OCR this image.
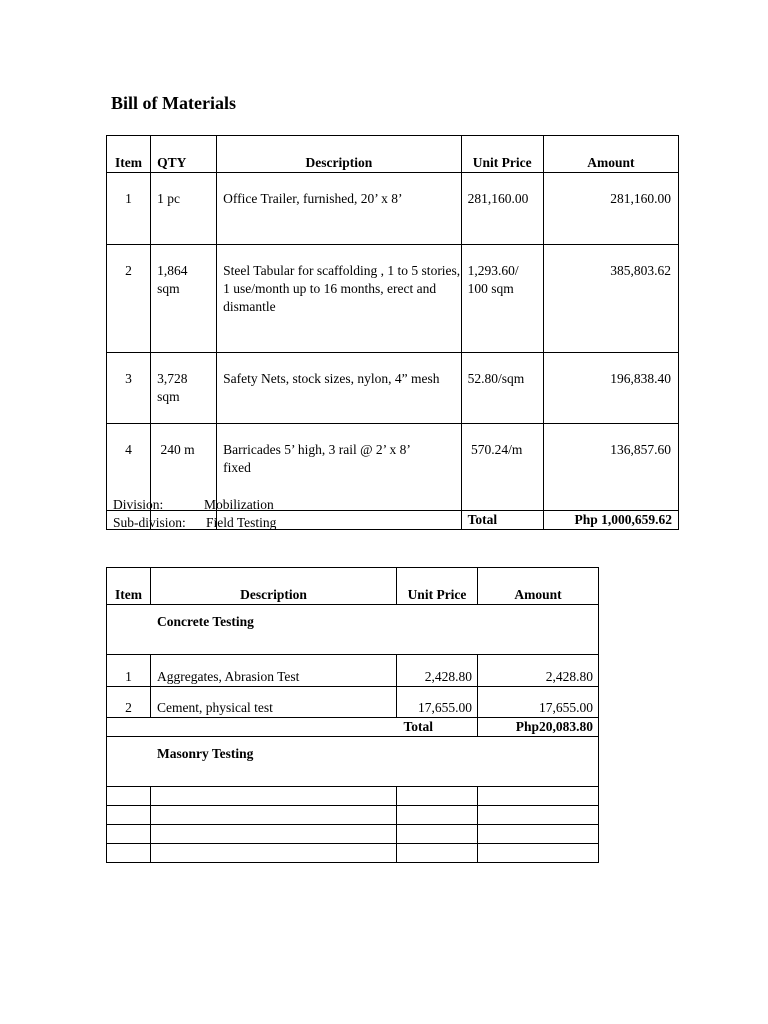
Bill of Materials
Item	QTY	Description	Unit Price	Amount
1	1 pc	Office Trailer, furnished, 20’ x 8’	281,160.00	281,160.00
2	1,864 sqm	Steel Tabular for scaffolding , 1 to 5 stories, 1 use/month up to 16 months, erect and dismantle	1,293.60/ 100 sqm	385,803.62
3	3,728 sqm	Safety Nets, stock sizes, nylon, 4” mesh	52.80/sqm	196,838.40
4	240 m	Barricades 5’ high, 3 rail @ 2’ x 8’ fixed	570.24/m	136,857.60
			Total	Php 1,000,659.62
Division:	Mobilization
Sub-division: Field Testing
Item	Description	Unit Price	Amount
Concrete Testing			
1	Aggregates, Abrasion Test	2,428.80	2,428.80
2	Cement, physical test	17,655.00	17,655.00
		Total	Php20,083.80
Masonry Testing			
